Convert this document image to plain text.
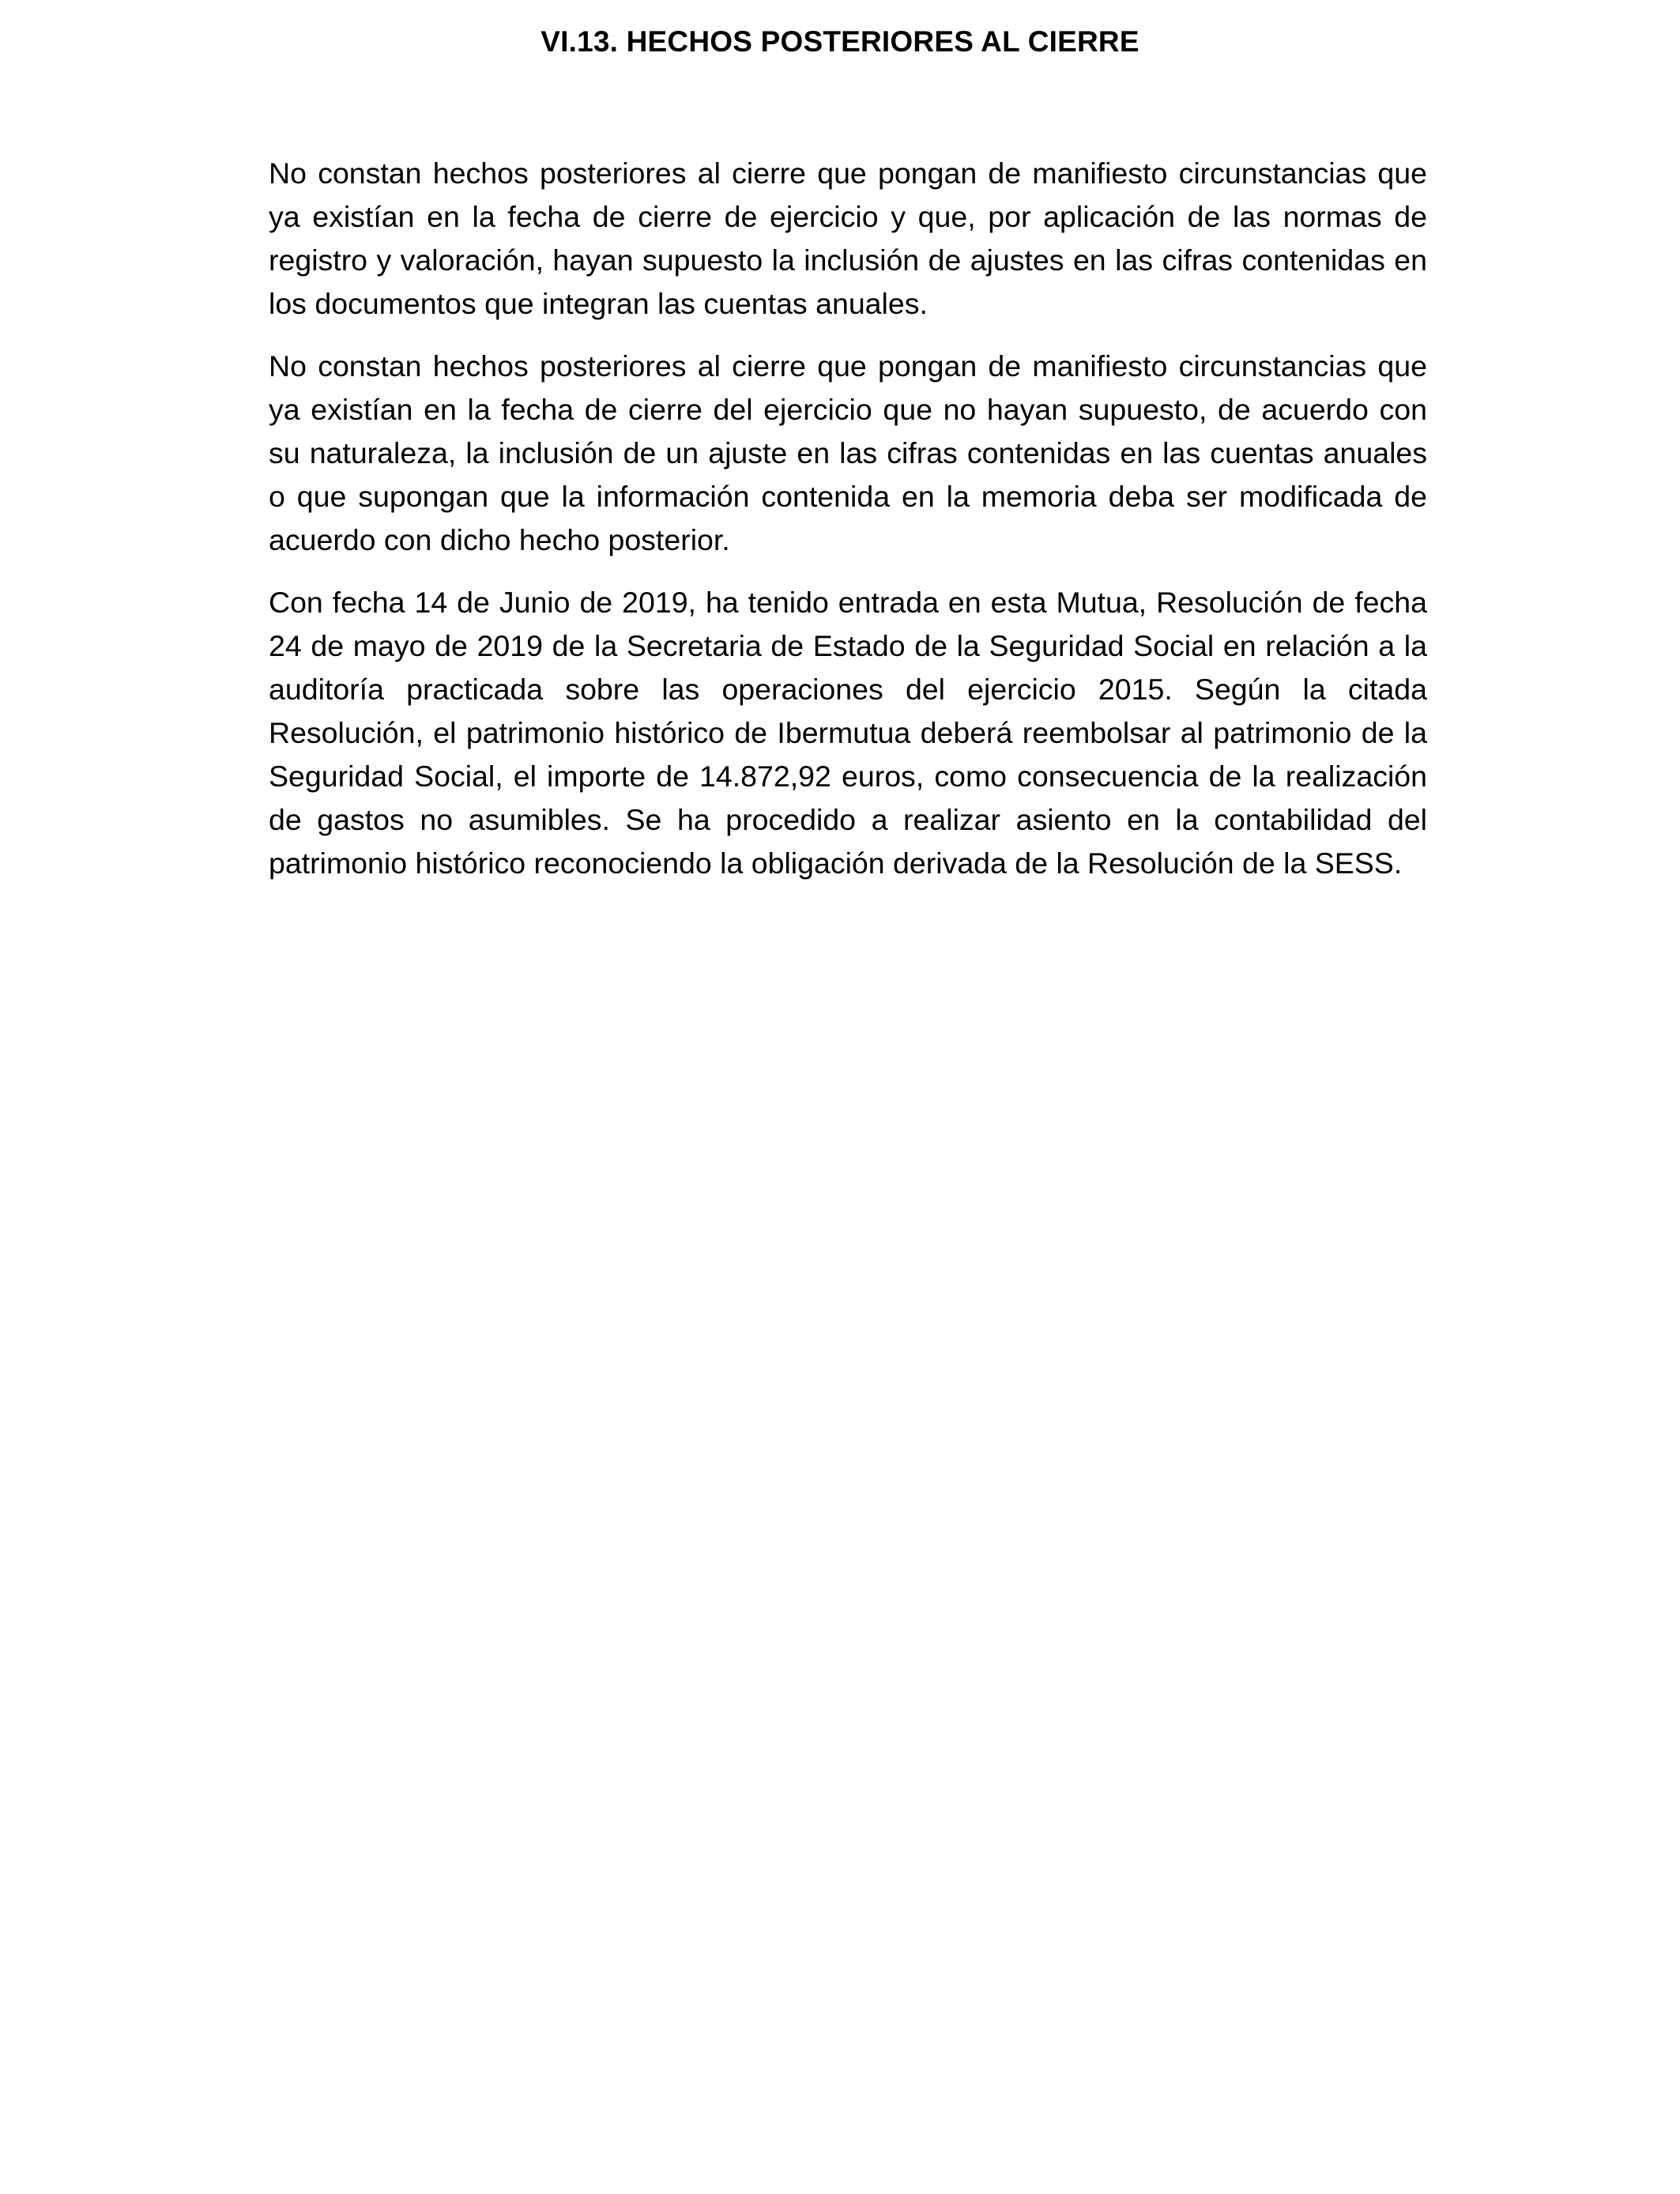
VI.13. HECHOS POSTERIORES AL CIERRE

No constan hechos posteriores al cierre que pongan de manifiesto circunstancias que ya existían en la fecha de cierre de ejercicio y que, por aplicación de las normas de registro y valoración, hayan supuesto la inclusión de ajustes en las cifras contenidas en los documentos que integran las cuentas anuales.

No constan hechos posteriores al cierre que pongan de manifiesto circunstancias que ya existían en la fecha de cierre del ejercicio que no hayan supuesto, de acuerdo con su naturaleza, la inclusión de un ajuste en las cifras contenidas en las cuentas anuales o que supongan que la información contenida en la memoria deba ser modificada de acuerdo con dicho hecho posterior.

Con fecha 14 de Junio de 2019, ha tenido entrada en esta Mutua, Resolución de fecha 24 de mayo de 2019 de la Secretaria de Estado de la Seguridad Social en relación a la auditoría practicada sobre las operaciones del ejercicio 2015. Según la citada Resolución, el patrimonio histórico de Ibermutua deberá reembolsar al patrimonio de la Seguridad Social, el importe de 14.872,92 euros, como consecuencia de la realización de gastos no asumibles. Se ha procedido a realizar asiento en la contabilidad del patrimonio histórico reconociendo la obligación derivada de la Resolución de la SESS.
